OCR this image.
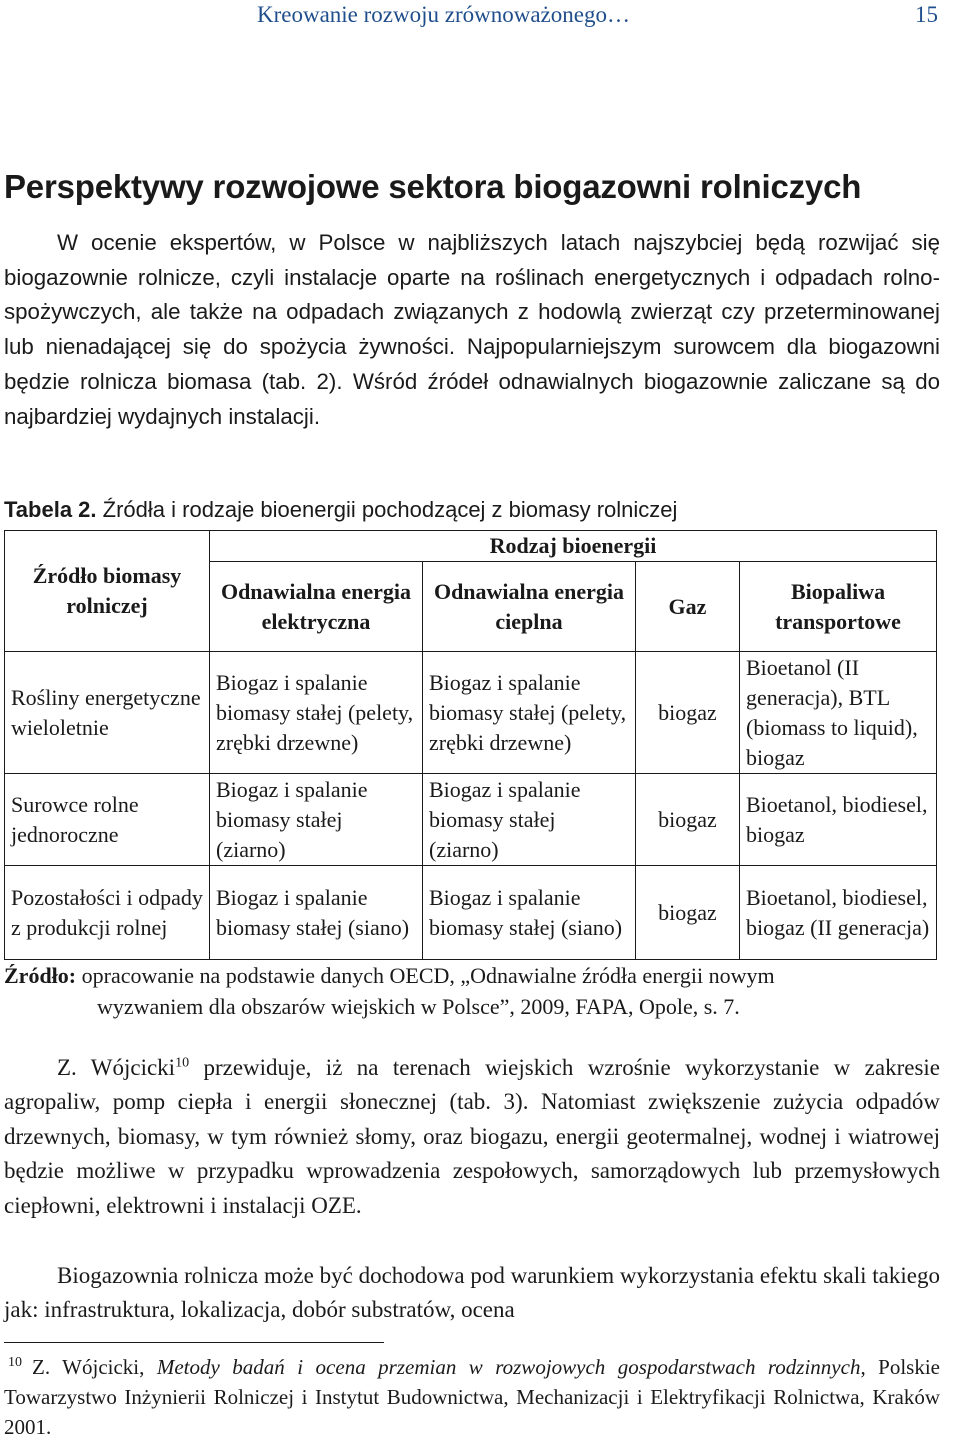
Kreowanie rozwoju zrównoważonego…	15
Perspektywy rozwojowe sektora biogazowni rolniczych

W ocenie ekspertów, w Polsce w najbliższych latach najszybciej będą rozwijać się biogazownie rolnicze, czyli instalacje oparte na roślinach energetycznych i odpadach rolno-spożywczych, ale także na odpadach związanych z hodowlą zwierząt czy przeterminowanej lub nienadającej się do spożycia żywności. Najpopularniejszym surowcem dla biogazowni będzie rolnicza biomasa (tab. 2). Wśród źródeł odnawialnych biogazownie zaliczane są do najbardziej wydajnych instalacji.

Tabela 2. Źródła i rodzaje bioenergii pochodzącej z biomasy rolniczej
Źródło biomasy rolniczej	Rodzaj bioenergii			
	Odnawialna energia elektryczna	Odnawialna energia cieplna	Gaz	Biopaliwa transportowe
Rośliny energetyczne wieloletnie	Biogaz i spalanie biomasy stałej (pelety, zrębki drzewne)	Biogaz i spalanie biomasy stałej (pelety, zrębki drzewne)	biogaz	Bioetanol (II generacja), BTL (biomass to liquid), biogaz
Surowce rolne jednoroczne	Biogaz i spalanie biomasy stałej (ziarno)	Biogaz i spalanie biomasy stałej (ziarno)	biogaz	Bioetanol, biodiesel, biogaz
Pozostałości i odpady z produkcji rolnej	Biogaz i spalanie biomasy stałej (siano)	Biogaz i spalanie biomasy stałej (siano)	biogaz	Bioetanol, biodiesel, biogaz (II generacja)
Źródło: opracowanie na podstawie danych OECD, „Odnawialne źródła energii nowym
wyzwaniem dla obszarów wiejskich w Polsce”, 2009, FAPA, Opole, s. 7.

Z. Wójcicki$^{10}$ przewiduje, iż na terenach wiejskich wzrośnie wykorzystanie w zakresie agropaliw, pomp ciepła i energii słonecznej (tab. 3). Natomiast zwiększenie zużycia odpadów drzewnych, biomasy, w tym również słomy, oraz biogazu, energii geotermalnej, wodnej i wiatrowej będzie możliwe w przypadku wprowadzenia zespołowych, samorządowych lub przemysłowych ciepłowni, elektrowni i instalacji OZE.

Biogazownia rolnicza może być dochodowa pod warunkiem wykorzystania efektu skali takiego jak: infrastruktura, lokalizacja, dobór substratów, ocena

$^{10}$ Z. Wójcicki, Metody badań i ocena przemian w rozwojowych gospodarstwach rodzinnych, Polskie Towarzystwo Inżynierii Rolniczej i Instytut Budownictwa, Mechanizacji i Elektryfikacji Rolnictwa, Kraków 2001.
